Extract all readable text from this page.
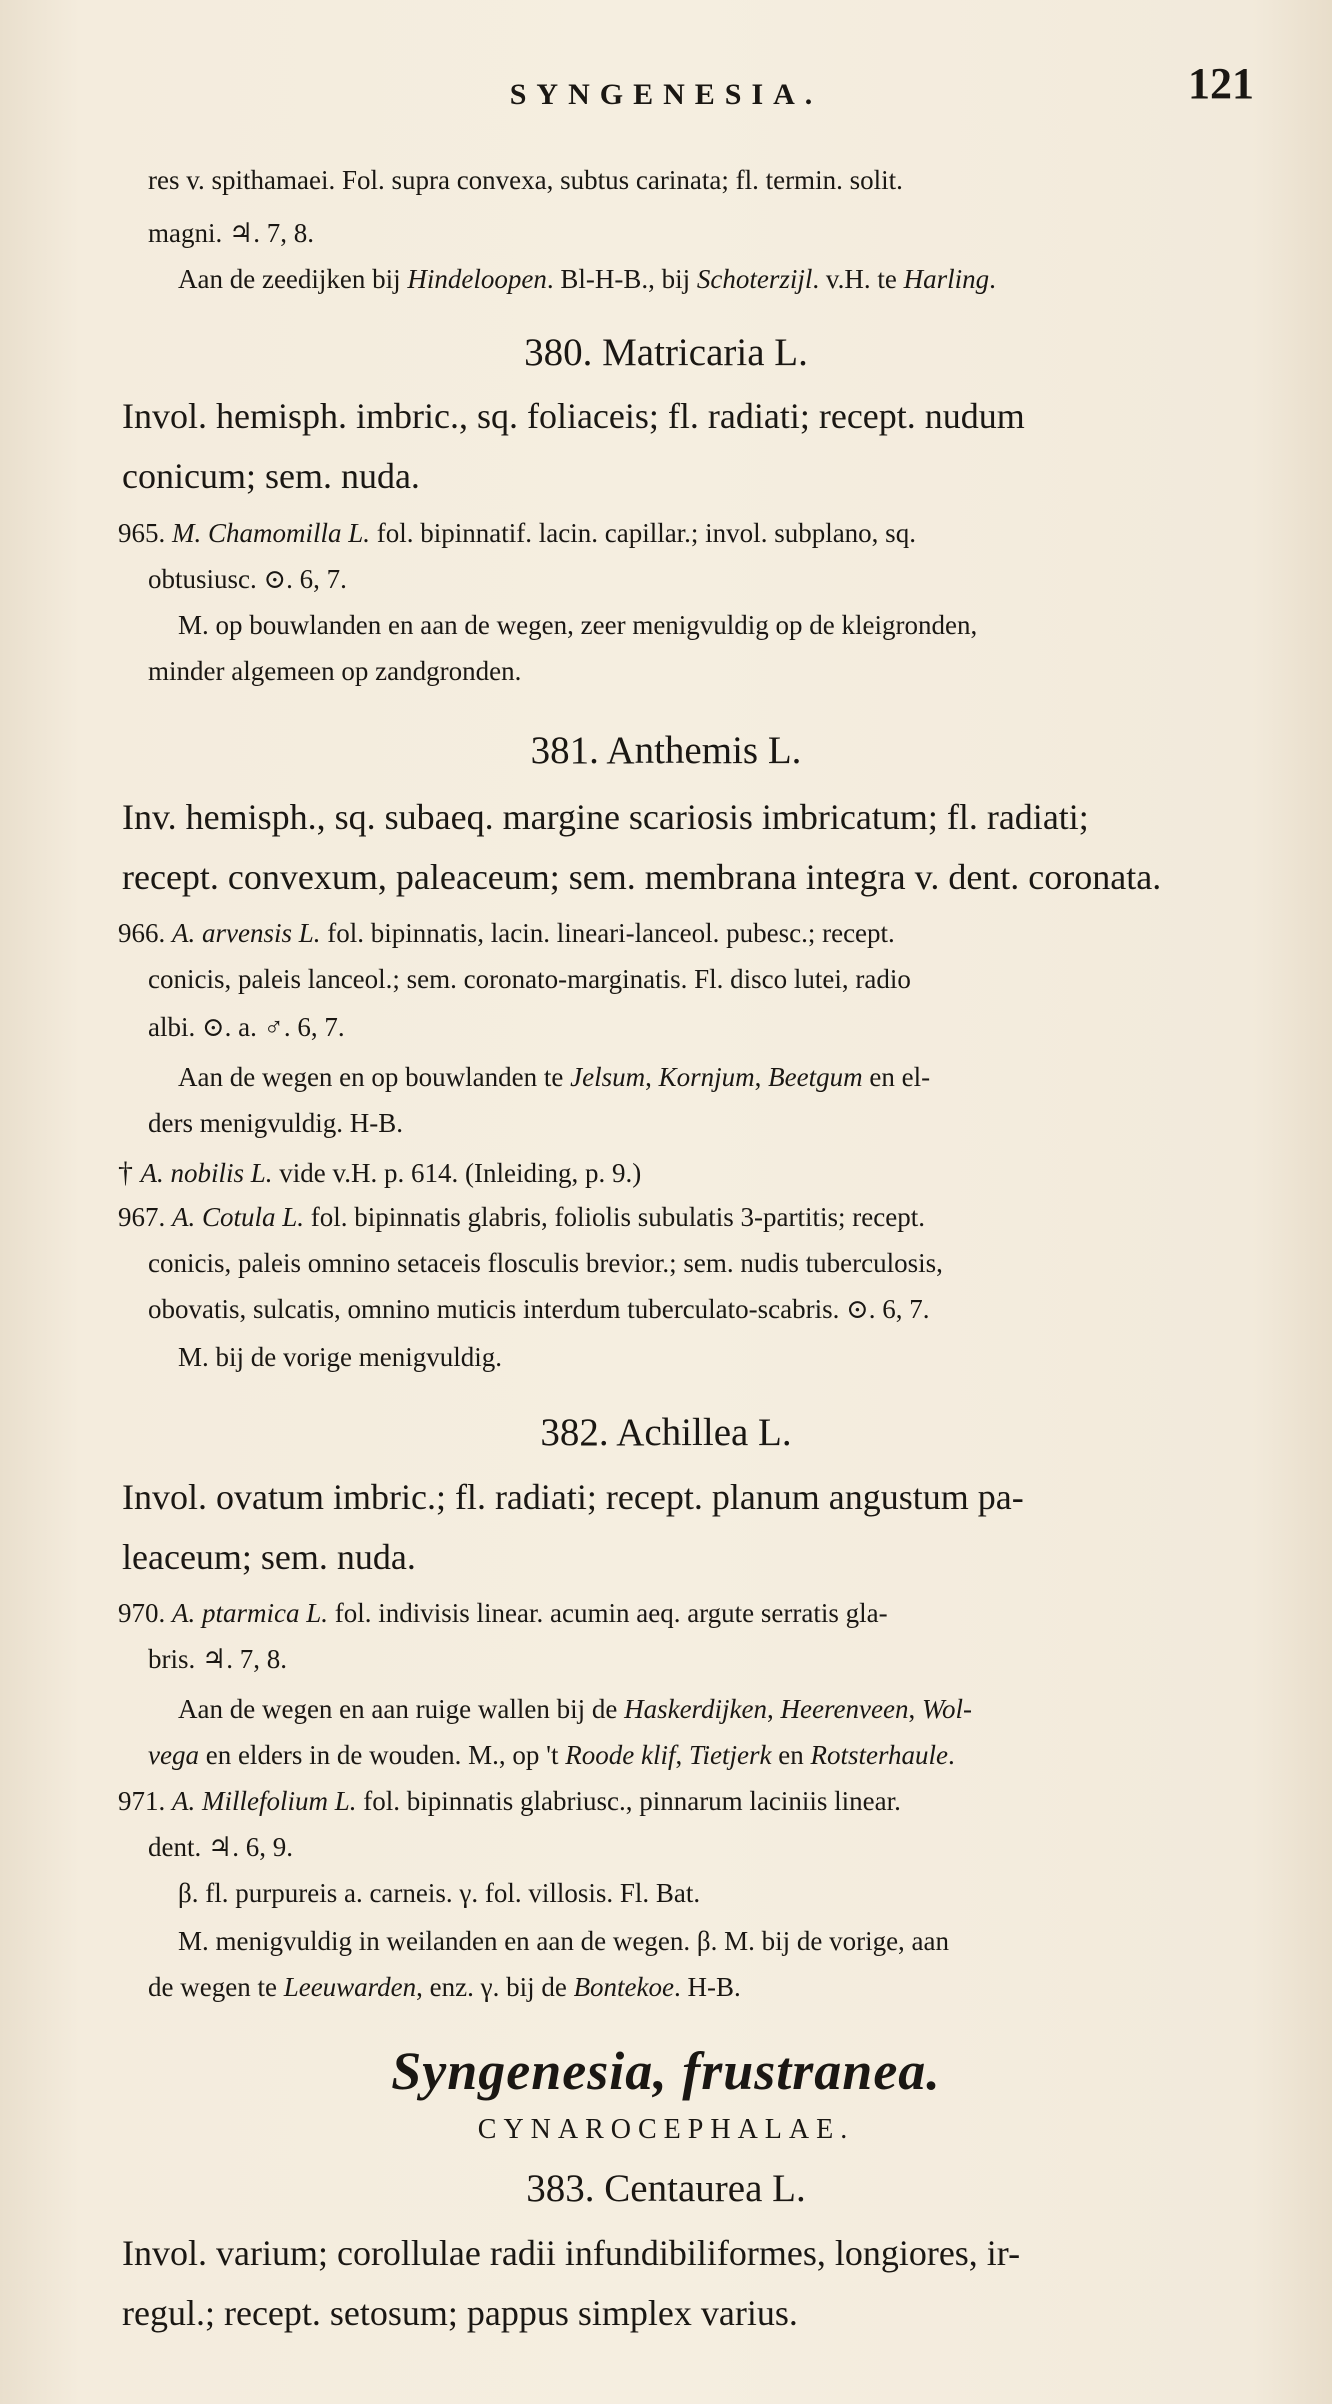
SYNGENESIA.	121
res v. spithamaei. Fol. supra convexa, subtus carinata; fl. termin. solit.
magni. ♃. 7, 8.
Aan de zeedijken bij Hindeloopen. Bl-H-B., bij Schoterzijl. v.H. te Harling.
380. Matricaria L.
Invol. hemisph. imbric., sq. foliaceis; fl. radiati; recept. nudum
conicum; sem. nuda.
965. M. Chamomilla L. fol. bipinnatif. lacin. capillar.; invol. subplano, sq.
obtusiusc. ⊙. 6, 7.
M. op bouwlanden en aan de wegen, zeer menigvuldig op de kleigronden,
minder algemeen op zandgronden.
381. Anthemis L.
Inv. hemisph., sq. subaeq. margine scariosis imbricatum; fl. radiati;
recept. convexum, paleaceum; sem. membrana integra v. dent. coronata.
966. A. arvensis L. fol. bipinnatis, lacin. lineari-lanceol. pubesc.; recept.
conicis, paleis lanceol.; sem. coronato-marginatis. Fl. disco lutei, radio
albi. ⊙. a. ♂. 6, 7.
Aan de wegen en op bouwlanden te Jelsum, Kornjum, Beetgum en el-
ders menigvuldig. H-B.
† A. nobilis L. vide v.H. p. 614. (Inleiding, p. 9.)
967. A. Cotula L. fol. bipinnatis glabris, foliolis subulatis 3-partitis; recept.
conicis, paleis omnino setaceis flosculis brevior.; sem. nudis tuberculosis,
obovatis, sulcatis, omnino muticis interdum tuberculato-scabris. ⊙. 6, 7.
M. bij de vorige menigvuldig.
382. Achillea L.
Invol. ovatum imbric.; fl. radiati; recept. planum angustum pa-
leaceum; sem. nuda.
970. A. ptarmica L. fol. indivisis linear. acumin aeq. argute serratis gla-
bris. ♃. 7, 8.
Aan de wegen en aan ruige wallen bij de Haskerdijken, Heerenveen, Wol-
vega en elders in de wouden. M., op 't Roode klif, Tietjerk en Rotsterhaule.
971. A. Millefolium L. fol. bipinnatis glabriusc., pinnarum laciniis linear.
dent. ♃. 6, 9.
β. fl. purpureis a. carneis. γ. fol. villosis. Fl. Bat.
M. menigvuldig in weilanden en aan de wegen. β. M. bij de vorige, aan
de wegen te Leeuwarden, enz. γ. bij de Bontekoe. H-B.
Syngenesia, frustranea.
CYNAROCEPHALAE.
383. Centaurea L.
Invol. varium; corollulae radii infundibiliformes, longiores, ir-
regul.; recept. setosum; pappus simplex varius.
